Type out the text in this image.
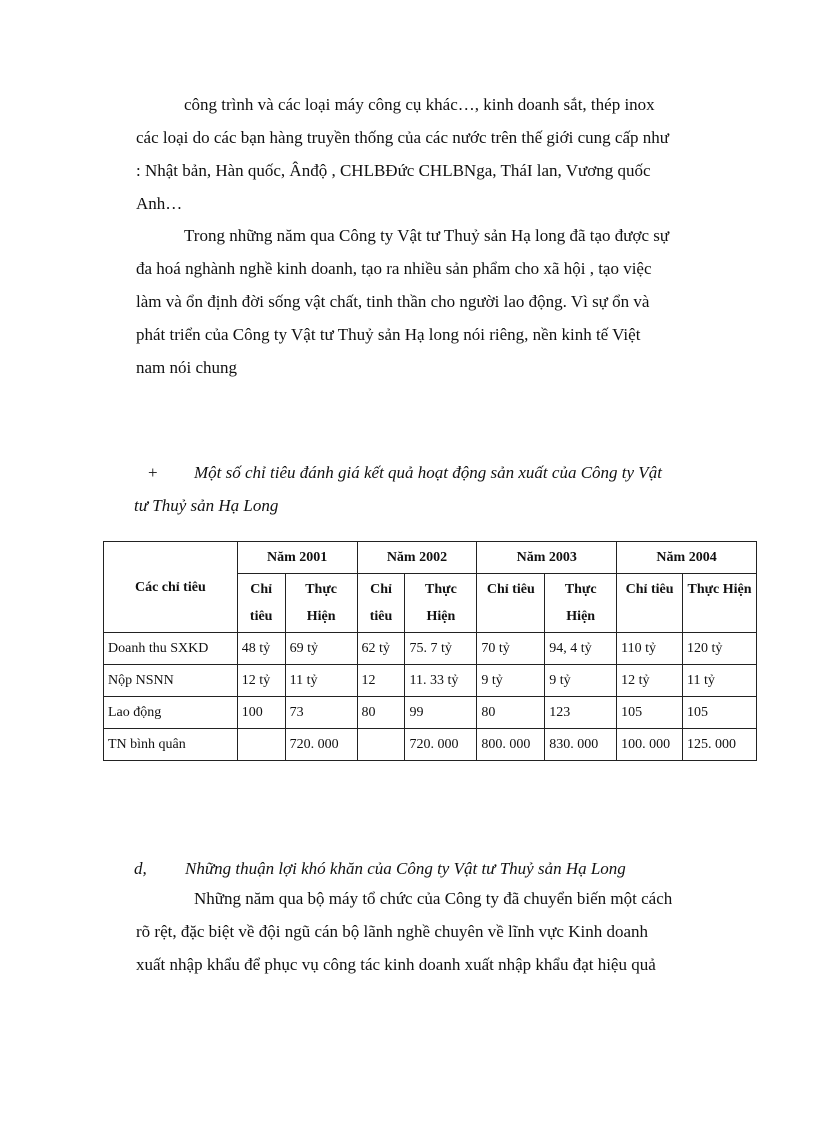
công trình và các loại máy công cụ khác…, kinh doanh sắt, thép inox
các loại do các bạn hàng truyền thống của các nước trên thế giới cung cấp như
: Nhật bản, Hàn quốc, Ânđộ , CHLBĐức CHLBNga, TháI lan, Vương quốc
Anh…
Trong những năm qua Công ty Vật tư Thuỷ sản Hạ long đã tạo được sự
đa hoá nghành nghề kinh doanh, tạo ra nhiều sản phẩm cho xã hội , tạo việc
làm và ổn định đời sống vật chất, tinh thần cho người lao động. Vì sự ổn và
phát triển của Công ty Vật tư Thuỷ sản Hạ long nói riêng, nền kinh tế Việt
nam nói chung
+ Một số chỉ tiêu đánh giá kết quả hoạt động sản xuất của Công ty Vật
tư Thuỷ sản Hạ Long
Các chỉ tiêu	Năm 2001		Năm 2002		Năm 2003		Năm 2004	
	Chỉ tiêu	Thực Hiện	Chỉ tiêu	Thực Hiện	Chỉ tiêu	Thực Hiện	Chỉ tiêu	Thực Hiện
Doanh thu SXKD	48 tỷ	69 tỷ	62 tỷ	75. 7 tỷ	70 tỷ	94, 4 tỷ	110 tỷ	120 tỷ
Nộp NSNN	12 tỷ	11 tỷ	12	11. 33 tỷ	9 tỷ	9 tỷ	12 tỷ	11 tỷ
Lao động	100	73	80	99	80	123	105	105
TN bình quân		720. 000		720. 000	800. 000	830. 000	100. 000	125. 000
d, Những thuận lợi khó khăn của Công ty Vật tư Thuỷ sản Hạ Long
Những năm qua bộ máy tổ chức của Công ty đã chuyển biến một cách
rõ rệt, đặc biệt về đội ngũ cán bộ lãnh nghề chuyên về lĩnh vực Kinh doanh
xuất nhập khẩu để phục vụ công tác kinh doanh xuất nhập khẩu đạt hiệu quả
